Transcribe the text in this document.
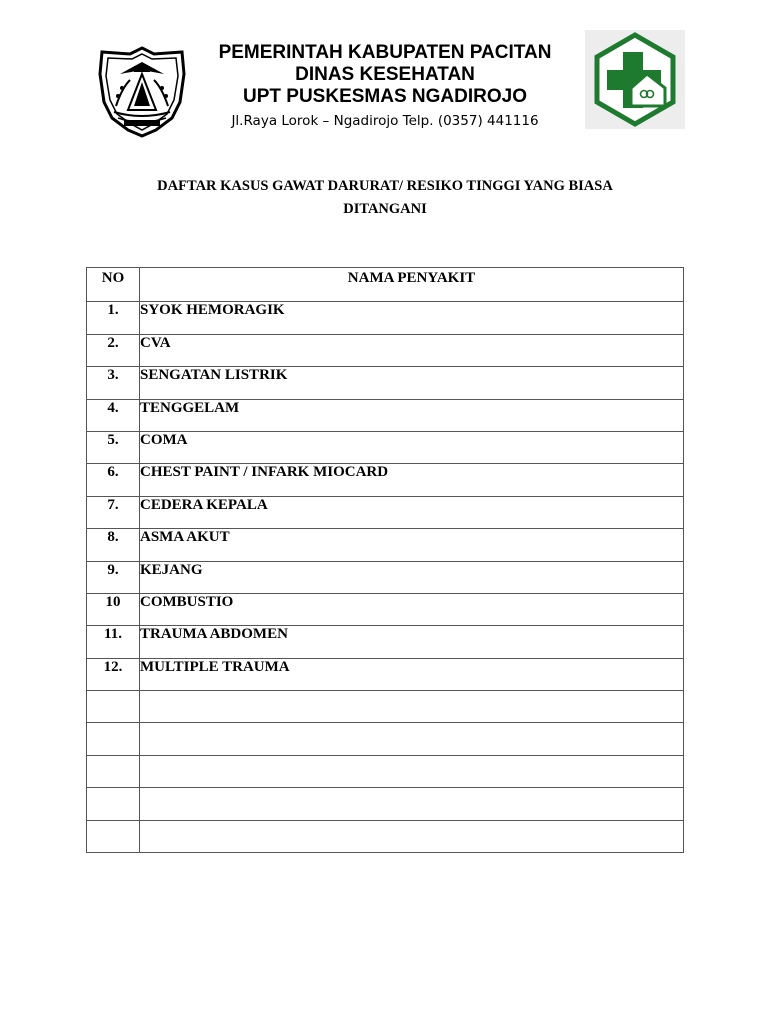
PEMERINTAH KABUPATEN PACITAN
DINAS KESEHATAN
UPT PUSKESMAS NGADIROJO
Jl.Raya Lorok – Ngadirojo Telp. (0357) 441116
DAFTAR KASUS GAWAT DARURAT/ RESIKO TINGGI YANG BIASA
DITANGANI
NO	NAMA PENYAKIT
1.	SYOK HEMORAGIK
2.	CVA
3.	SENGATAN LISTRIK
4.	TENGGELAM
5.	COMA
6.	CHEST PAINT / INFARK MIOCARD
7.	CEDERA KEPALA
8.	ASMA AKUT
9.	KEJANG
10	COMBUSTIO
11.	TRAUMA ABDOMEN
12.	MULTIPLE TRAUMA
